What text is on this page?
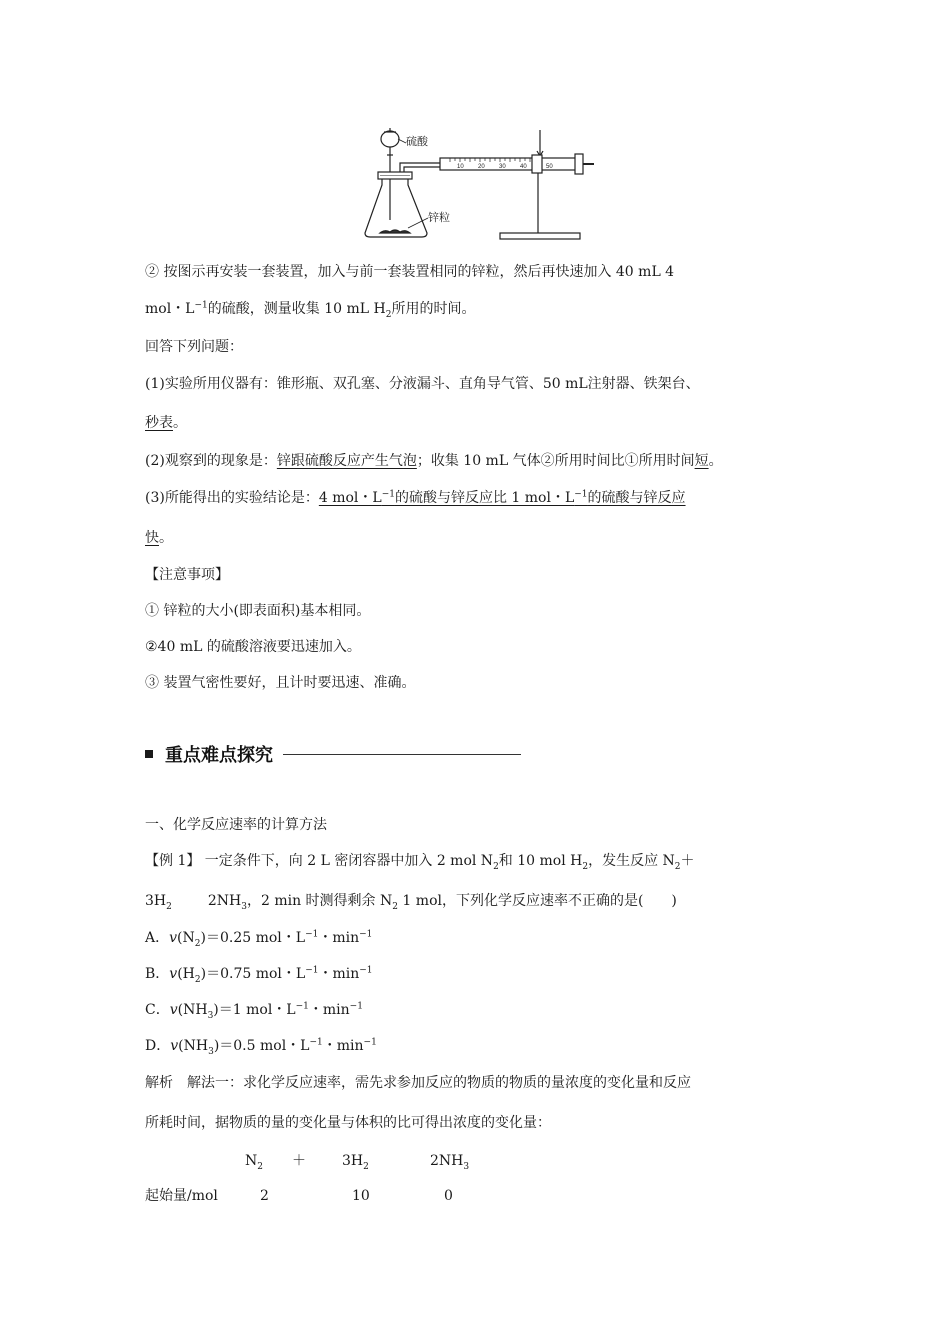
10 20 30 40	50
硫酸
锌粒
② 按图示再安装一套装置，加入与前一套装置相同的锌粒，然后再快速加入 40 mL 4
mol・$L^{-1}$的硫酸，测量收集 10 mL $H_2$所用的时间。
回答下列问题：
(1)实验所用仪器有：锥形瓶、双孔塞、分液漏斗、直角导气管、50 mL注射器、铁架台、
秒表。
(2)观察到的现象是：锌跟硫酸反应产生气泡；收集 10 mL 气体②所用时间比①所用时间短。
(3)所能得出的实验结论是：4 mol・$L^{-1}$的硫酸与锌反应比 1 mol・$L^{-1}$的硫酸与锌反应
快。
【注意事项】
① 锌粒的大小(即表面积)基本相同。
②40 mL 的硫酸溶液要迅速加入。
③ 装置气密性要好，且计时要迅速、准确。
重点难点探究
一、化学反应速率的计算方法
【例 1】 一定条件下，向 2 L 密闭容器中加入 2 mol $N_2$和 10 mol $H_2$，发生反应 $N_2+$
$3H_2$	$2NH_3$，2 min 时测得剩余 $N_2$ 1 mol，下列化学反应速率不正确的是(　　)
A．$v(N_2)=0.25$ mol・$L^{-1}$・$\min^{-1}$
B．$v(H_2)=0.75$ mol・$L^{-1}$・$\min^{-1}$
C．$v(NH_3)=1$ mol・$L^{-1}$・$\min^{-1}$
D．$v(NH_3)=0.5$ mol・$L^{-1}$・$\min^{-1}$
解析　解法一：求化学反应速率，需先求参加反应的物质的物质的量浓度的变化量和反应
所耗时间，据物质的量的变化量与体积的比可得出浓度的变化量：
$N_2$ ＋	$3H_2$	$2NH_3$
起始量/mol	2	10	0
